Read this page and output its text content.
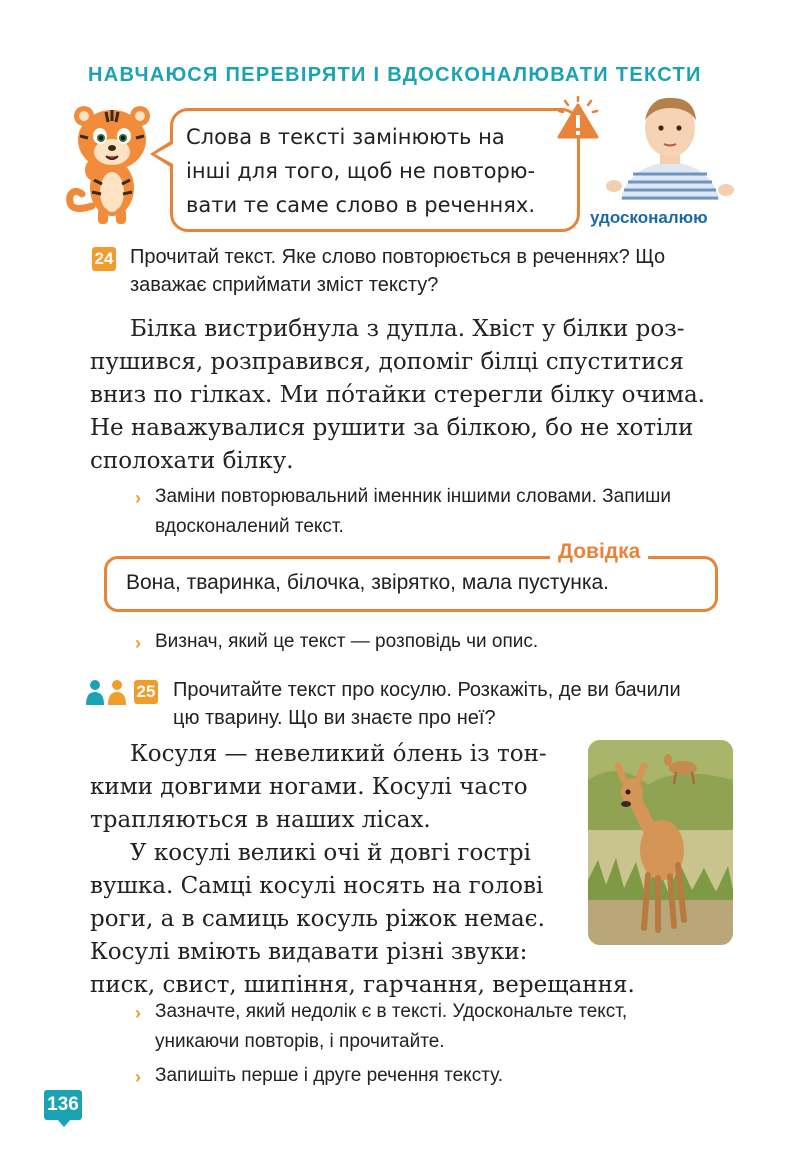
НАВЧАЮСЯ ПЕРЕВІРЯТИ І ВДОСКОНАЛЮВАТИ ТЕКСТИ
Слова в тексті замінюють на
інші для того, щоб не повторю-
вати те саме слово в реченнях.
удосконалюю
24 Прочитай текст. Яке слово повторюється в реченнях? Що
заважає сприймати зміст тексту?
Білка вистрибнула з дупла. Хвіст у білки роз-
пушився, розправився, допоміг білці спуститися
вниз по гілках. Ми по́тайки стерегли білку очима.
Не наважувалися рушити за білкою, бо не хотіли
сполохати білку.
› Заміни повторювальний іменник іншими словами. Запиши
вдосконалений текст.
Довідка
Вона, тваринка, білочка, звірятко, мала пустунка.
› Визнач, який це текст — розповідь чи опис.
25 Прочитайте текст про косулю. Розкажіть, де ви бачили
цю тварину. Що ви знаєте про неї?
Косуля — невеликий о́лень із тон-
кими довгими ногами. Косулі часто
трапляються в наших лісах.
У косулі великі очі й довгі гострі
вушка. Самці косулі носять на голові
роги, а в самиць косуль ріжок немає.
Косулі вміють видавати різні звуки:
писк, свист, шипіння, гарчання, верещання.
› Зазначте, який недолік є в тексті. Удоскональте текст,
уникаючи повторів, і прочитайте.
› Запишіть перше і друге речення тексту.
136
